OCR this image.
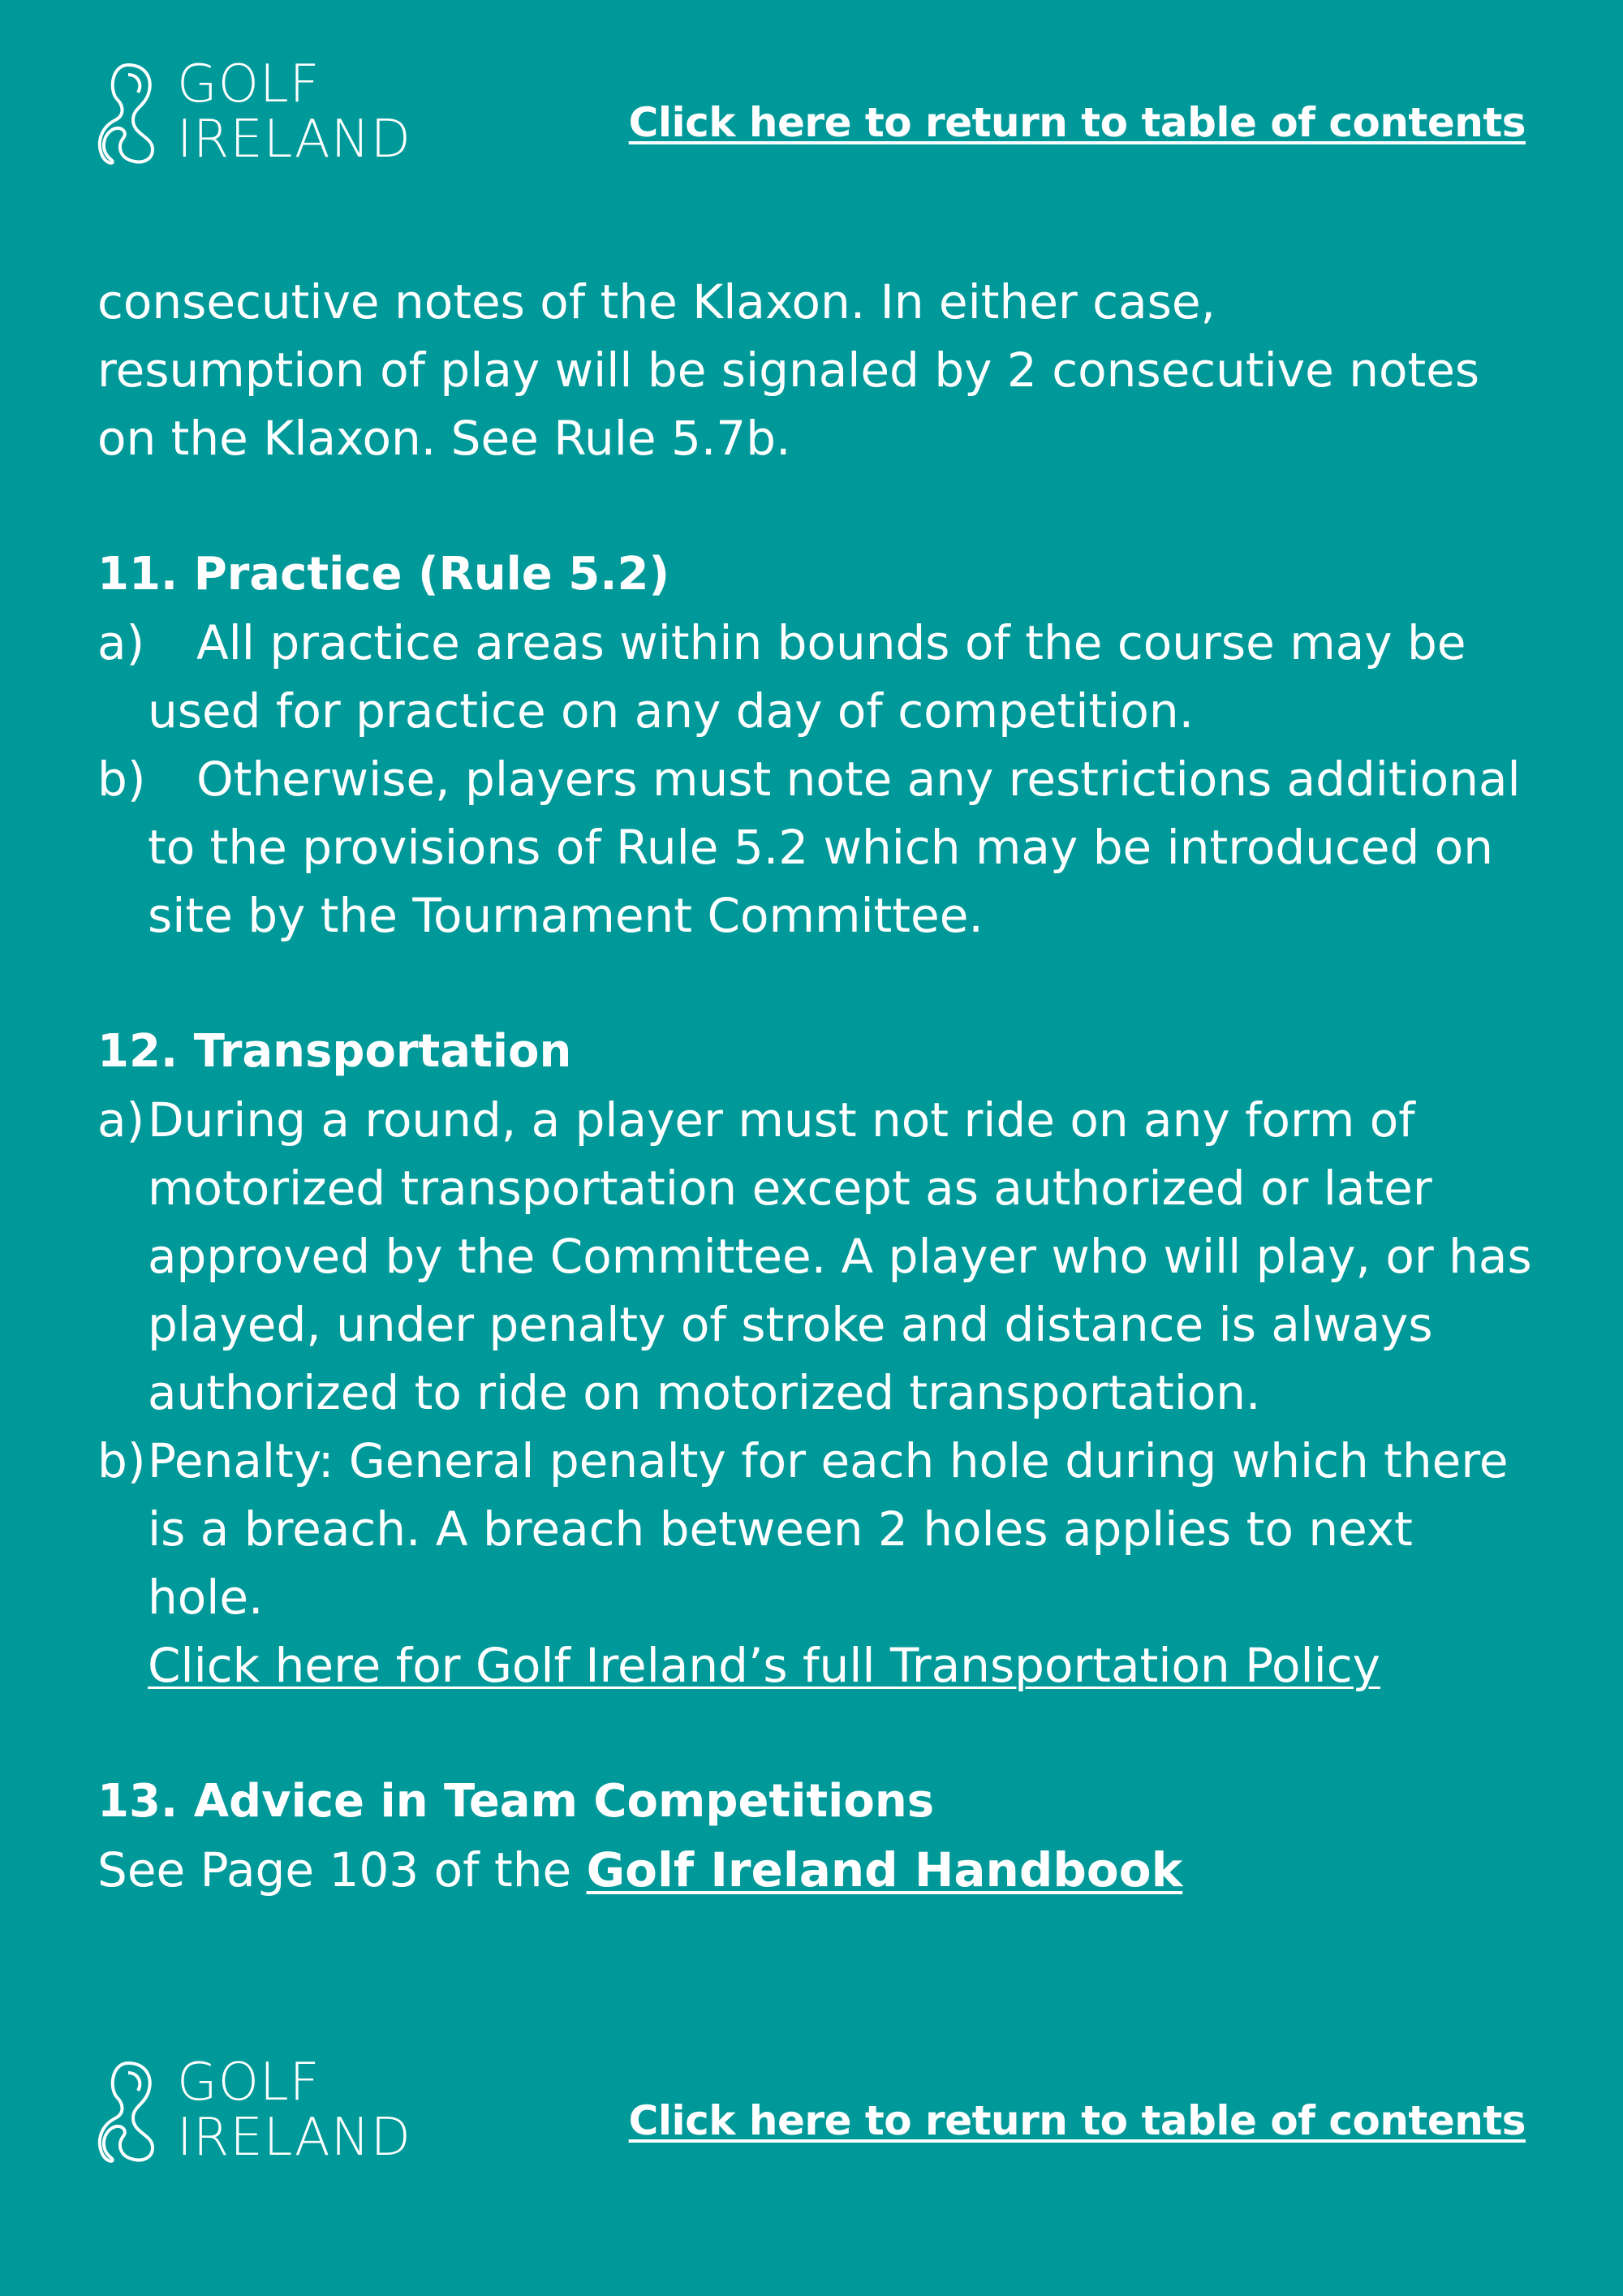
GOLF
IRELAND	Click here to return to table of contents

consecutive notes of the Klaxon. In either case,

resumption of play will be signaled by 2 consecutive notes

on the Klaxon. See Rule 5.7b.

11. Practice (Rule 5.2)

a) All practice areas within bounds of the course may be used for practice on any day of competition.
b) Otherwise, players must note any restrictions additional to the provisions of Rule 5.2 which may be introduced on site by the Tournament Committee.

12. Transportation

a) During a round, a player must not ride on any form of motorized transportation except as authorized or later approved by the Committee. A player who will play, or has played, under penalty of stroke and distance is always authorized to ride on motorized transportation.
b) Penalty: General penalty for each hole during which there is a breach. A breach between 2 holes applies to next hole.
Click here for Golf Ireland’s full Transportation Policy

13. Advice in Team Competitions

See Page 103 of the Golf Ireland Handbook

GOLF
IRELAND	Click here to return to table of contents
